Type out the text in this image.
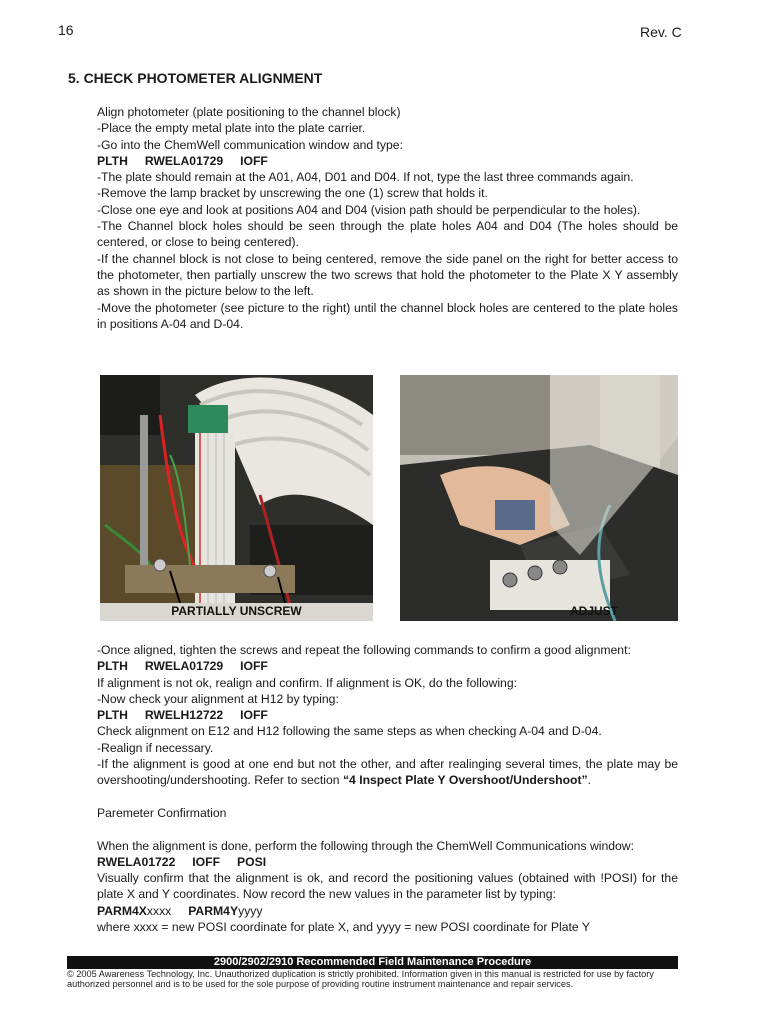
16	Rev. C
5. CHECK PHOTOMETER ALIGNMENT

Align photometer (plate positioning to the channel block)

-Place the empty metal plate into the plate carrier.

-Go into the ChemWell communication window and type:

PLTH     RWELA01729     IOFF

-The plate should remain at the A01, A04, D01 and D04. If not, type the last three commands again.

-Remove the lamp bracket by unscrewing the one (1) screw that holds it.

-Close one eye and look at positions A04 and D04 (vision path should be perpendicular to the holes).

-The Channel block holes should be seen through the plate holes A04 and D04 (The holes should be centered, or close to being centered).

-If the channel block is not close to being centered, remove the side panel on the right for better access to the photometer, then partially unscrew the two screws that hold the photometer to the Plate X Y assembly as shown in the picture below to the left.

-Move the photometer (see picture to the right) until the channel block holes are centered to the plate holes in positions A-04 and D-04.

PARTIALLY UNSCREW	ADJUST

-Once aligned, tighten the screws and repeat the following commands to confirm a good alignment:

PLTH     RWELA01729     IOFF

If alignment is not ok, realign and confirm. If alignment is OK, do the following:

-Now check your alignment at H12 by typing:

PLTH     RWELH12722     IOFF

Check alignment on E12 and H12 following the same steps as when checking A-04 and D-04.

-Realign if necessary.

-If the alignment is good at one end but not the other, and after realinging several times, the plate may be overshooting/undershooting. Refer to section “4 Inspect Plate Y Overshoot/Undershoot”.

Paremeter Confirmation

When the alignment is done, perform the following through the ChemWell Communications window:

RWELA01722     IOFF     POSI

Visually confirm that the alignment is ok, and record the positioning values (obtained with !POSI) for the plate X and Y coordinates. Now record the new values in the parameter list by typing:

PARM4Xxxxx     PARM4Yyyyy

where xxxx = new POSI coordinate for plate X, and yyyy = new POSI coordinate for Plate Y

2900/2902/2910 Recommended Field Maintenance Procedure
© 2005 Awareness Technology, Inc. Unauthorized duplication is strictly prohibited. Information given in this manual is restricted for use by factory authorized personnel and is to be used for the sole purpose of providing routine instrument maintenance and repair services.
